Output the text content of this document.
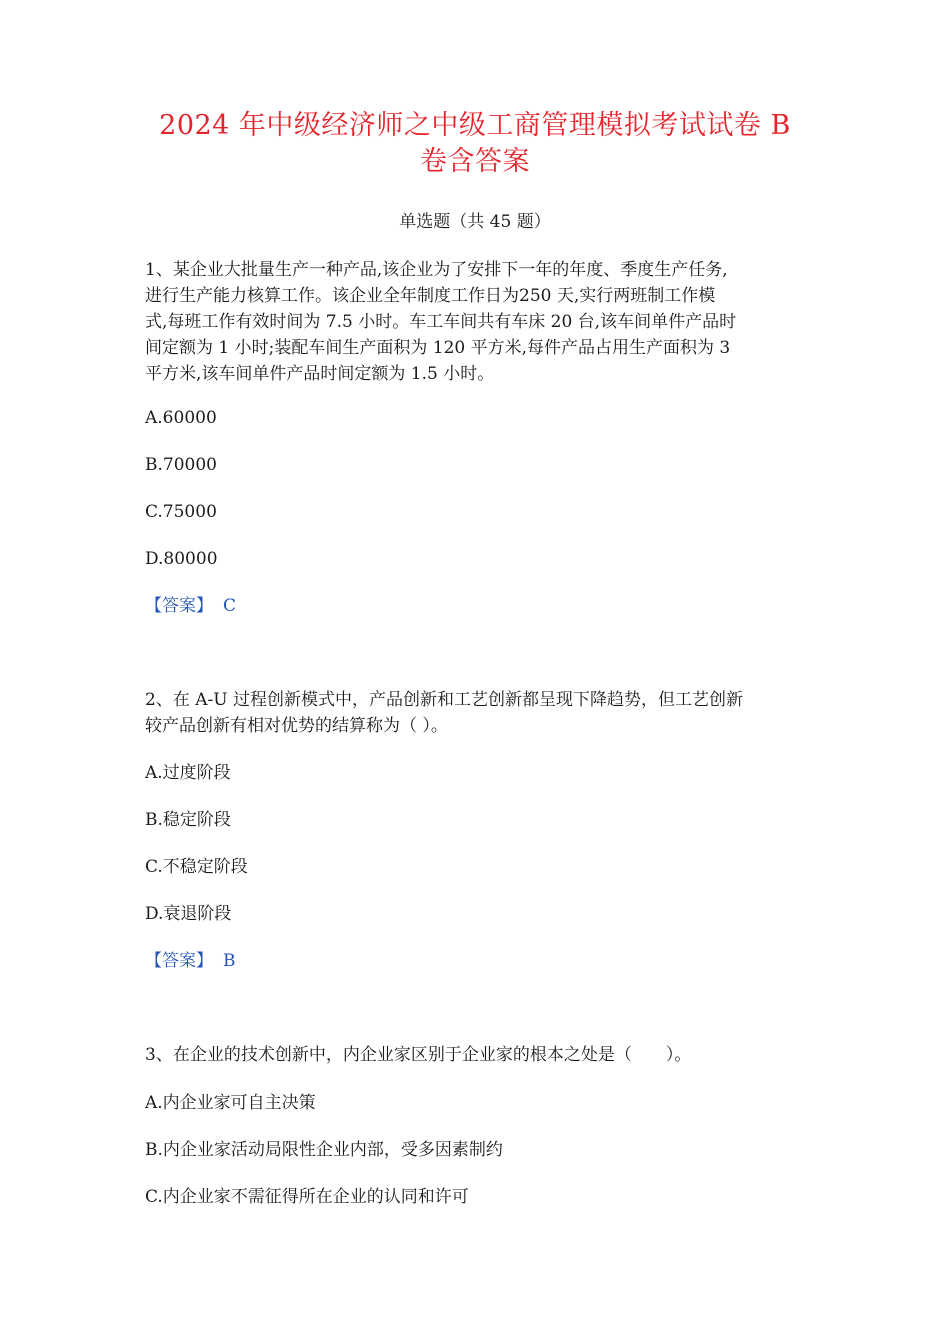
2024 年中级经济师之中级工商管理模拟考试试卷 B
卷含答案
单选题（共 45 题）
1、某企业大批量生产一种产品,该企业为了安排下一年的年度、季度生产任务,
进行生产能力核算工作。该企业全年制度工作日为250 天,实行两班制工作模
式,每班工作有效时间为 7.5 小时。车工车间共有车床 20 台,该车间单件产品时
间定额为 1 小时;装配车间生产面积为 120 平方米,每件产品占用生产面积为 3
平方米,该车间单件产品时间定额为 1.5 小时。
A.60000
B.70000
C.75000
D.80000
【答案】 C
2、在 A-U 过程创新模式中，产品创新和工艺创新都呈现下降趋势，但工艺创新
较产品创新有相对优势的结算称为（ ）。
A.过度阶段
B.稳定阶段
C.不稳定阶段
D.衰退阶段
【答案】 B
3、在企业的技术创新中，内企业家区别于企业家的根本之处是（　　）。
A.内企业家可自主决策
B.内企业家活动局限性企业内部，受多因素制约
C.内企业家不需征得所在企业的认同和许可
